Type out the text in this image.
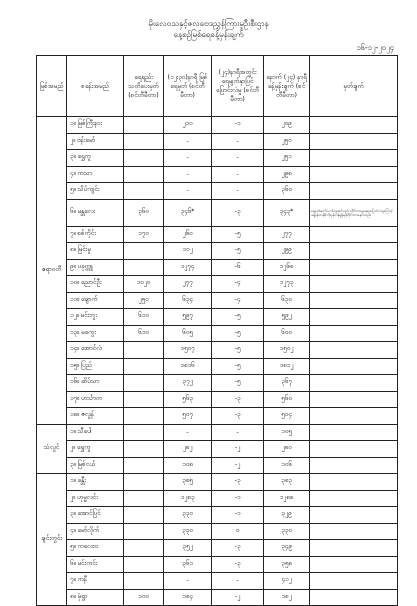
မိုးလေဝသနှင့်ဇလဗေဒညွှန်ကြားမှုဦးစီးဌာန
နေ့စဉ်မြစ်ရေခန့်မှန်းချက်
၁၆-၁၂-၂၀၂၄
မြစ်အမည်	စခန်းအမည်	ရေရည်း သတိပေးမှတ် (စင်တီမီတာ)	(၁၂း၃၀)နာရီ မြစ်ရေမှတ် (စင်တီမီတာ)	(၂၄)နာရီအတွင်း ရေမျက်နှာပြင် ပြောင်းလဲမှု (စင်တီမီတာ)	နောက် (၂၄) နာရီ ခန့်မှန်းချက် (စင်တီမီတာ)	မှတ်ချက်
ဧရာဝတီ	၁။ မြစ်ကြီးနား		၂၁၀	-၁	၂၀၉	
	၂။ ဗန်းမော်		-	-	၂၅၀	
	၃။ ရွှေကူ		-	-	၂၅၁	
	၄။ ကသာ		-	-	၂၉၈	
	၅။ သိပ်ကျင်း		-	-	၃၆၀	
	၆။ မန္တလေး	၃၆၀	၃၄၆*	-၃	၃၄၃*	ရေမှတ်ဆက်လက်ကျဆင်းမည်။ တိုင်းတာမှုနေရာပြောင်းလဲမှုကြောင့် ခန့်မှန်းတန်ဖိုးကိုမှန်ကန်မှုရှိရန်တိုင်းတာနေပါသည်။
	၇။ စစ်ကိုင်း	၁၇၀	၂၆၀	-၅	၂၇၇	
	၈။ မြင်းမူ		၁၀၂	-၅	၂၉၉	
	၉။ ပခုက္ကူ		၁၂၇၄	-၆	၁၂၆၈	
	၁၀။ ညောင်ဦး	၁၀၂၀	၂၇၇	-၄	၁၂၇၃	
	၁၁။ ချောက်	၂၅၀	၆၃၄	-၄	၆၃၀	
	၁၂။ မင်းဘူး	၆၁၀	၅၉၇	-၅	၅၉၂	
	၁၃။ မကွေး	၆၁၀	၆၀၅	-၅	၆၀၀	
	၁၄။ အောင်လံ		၁၅၀၇	-၅	၁၅၀၂	
	၁၅။ ပြည်		၁၈၁၆	-၅	၁၈၁၂	
	၁၆။ ဆိပ်သာ		၃၇၂	-၅	၃၆၇	
	၁၇။ ဟင်္သာတ		၅၆၃	-၃	၅၆၀	
	၁၈။ ဇလွန်		၅၀၇	-၃	၅၀၄	
သံလွင်	၁။ သီပေါ		-	-	၁၀၅	
	၂။ ရွှေကူ		၂၈၂	-၂	၂၈၀	
	၃။ မြစ်ငယ်		၁၀၈	-၂	၁၀၆	
ချင်းတွင်း	၁။ ခန္တီး		၃၈၅	-၃	၃၈၃	
	၂။ ဟုမ္မလင်း		၁၂၈၃	-၁	၁၂၈၈	
	၃။ အောင်ပြင်		၃၃၀	-၁	၃၂၉	
	၄။ မော်လိုက်		၃၃၀	၀	၃၃၀	
	၅။ ကလေးဝ		၃၅၂	-၃	၃၄၉	
	၆။ မင်းကင်း		၃၆၁	-၃	၃၅၈	
	၇။ ကနီ		-	-	၄၁၂	
	၈။ မုံရွာ	၁၀၀	၁၈၄	-၂	၁၈၂	
